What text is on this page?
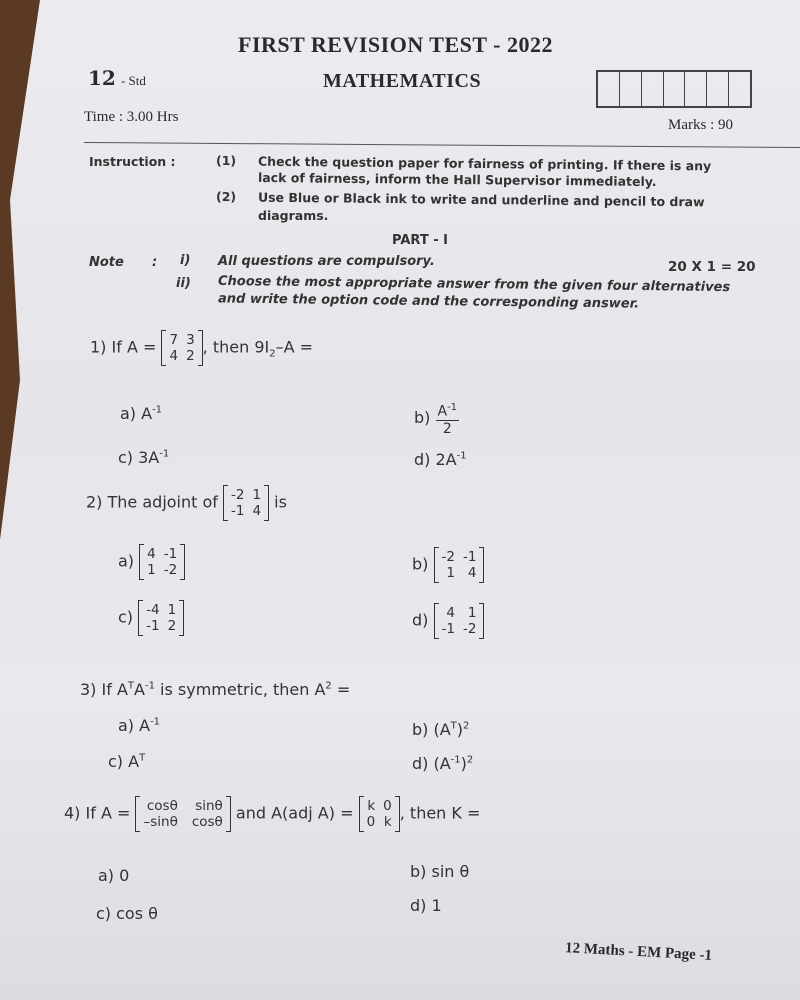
FIRST REVISION TEST - 2022
12 - Std	MATHEMATICS
Time : 3.00 Hrs	Marks : 90
Instruction :	(1) Check the question paper for fairness of printing. If there is any
lack of fairness, inform the Hall Supervisor immediately.
(2) Use Blue or Black ink to write and underline and pencil to draw
diagrams.
PART - I
Note : i) All questions are compulsory.	20 X 1 = 20
ii) Choose the most appropriate answer from the given four alternatives
and write the option code and the corresponding answer.
1) If A = 7 3
4 2 , then $9I_2-A$ =
a) $A^{-1}$	$b) \frac{A^{-1}}{2}$
c) $3A^{-1}$	d) $2A^{-1}$
2) The adjoint of -2 1
-1 4 is
a) 4 -1
1 -2	b) -2 -1
1 4
c) -4 1
-1 2	d)	4 1
-1 -2
3) If $A^TA^{-1}$ is symmetric, then $A^2$ =
a) $A^{-1}$	b) $(A^T)^2$
c) $A^T$	d) $(A^{-1})^2$
4) If A = cosθ sinθ
–sinθ cosθ and A(adj A) = k 0
0 k , then K =
a) 0	b) sin θ
c) cos θ	d) 1
12 Maths - EM Page -1
